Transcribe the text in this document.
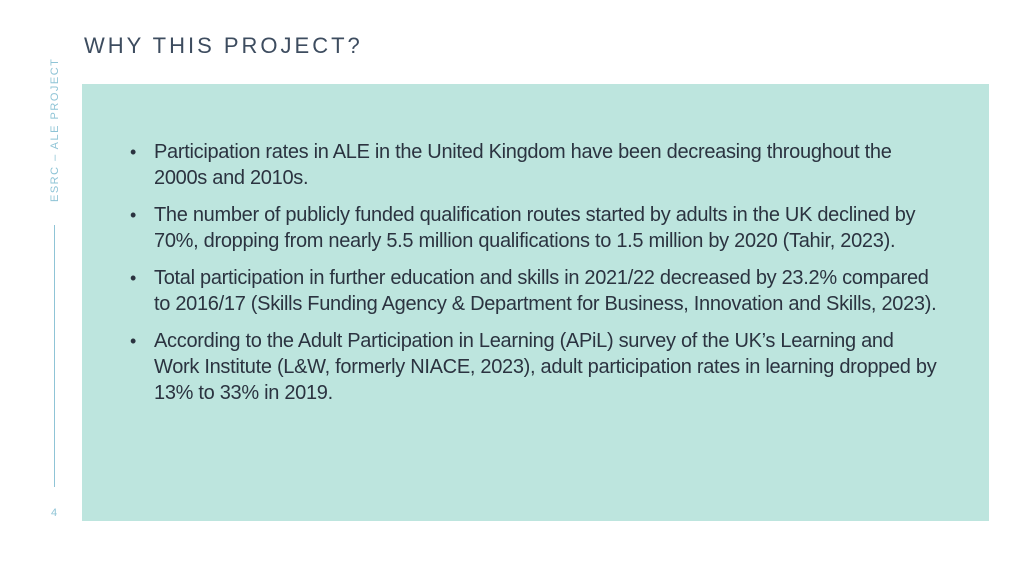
WHY THIS PROJECT?
ESRC – ALE PROJECT
4
• Participation rates in ALE in the United Kingdom have been decreasing throughout the 2000s and 2010s.
• The number of publicly funded qualification routes started by adults in the UK declined by 70%, dropping from nearly 5.5 million qualifications to 1.5 million by 2020 (Tahir, 2023).
• Total participation in further education and skills in 2021/22 decreased by 23.2% compared to 2016/17 (Skills Funding Agency & Department for Business, Innovation and Skills, 2023).
• According to the Adult Participation in Learning (APiL) survey of the UK’s Learning and Work Institute (L&W, formerly NIACE, 2023), adult participation rates in learning dropped by 13% to 33% in 2019.
